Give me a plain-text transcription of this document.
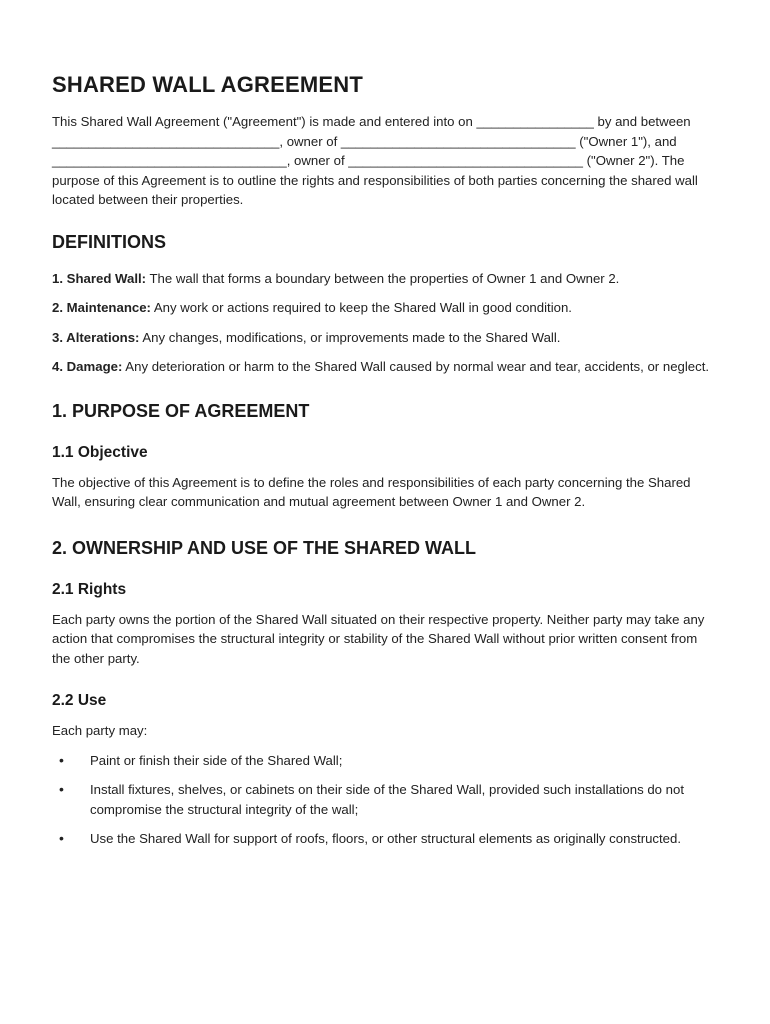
SHARED WALL AGREEMENT

This Shared Wall Agreement ("Agreement") is made and entered into on ________________ by and between _______________________________, owner of ________________________________ ("Owner 1"), and ________________________________, owner of ________________________________ ("Owner 2"). The purpose of this Agreement is to outline the rights and responsibilities of both parties concerning the shared wall located between their properties.

DEFINITIONS

1. Shared Wall: The wall that forms a boundary between the properties of Owner 1 and Owner 2.

2. Maintenance: Any work or actions required to keep the Shared Wall in good condition.

3. Alterations: Any changes, modifications, or improvements made to the Shared Wall.

4. Damage: Any deterioration or harm to the Shared Wall caused by normal wear and tear, accidents, or neglect.

1. PURPOSE OF AGREEMENT
1.1 Objective

The objective of this Agreement is to define the roles and responsibilities of each party concerning the Shared Wall, ensuring clear communication and mutual agreement between Owner 1 and Owner 2.

2. OWNERSHIP AND USE OF THE SHARED WALL
2.1 Rights

Each party owns the portion of the Shared Wall situated on their respective property. Neither party may take any action that compromises the structural integrity or stability of the Shared Wall without prior written consent from the other party.

2.2 Use

Each party may:

• Paint or finish their side of the Shared Wall;
• Install fixtures, shelves, or cabinets on their side of the Shared Wall, provided such installations do not compromise the structural integrity of the wall;
• Use the Shared Wall for support of roofs, floors, or other structural elements as originally constructed.
